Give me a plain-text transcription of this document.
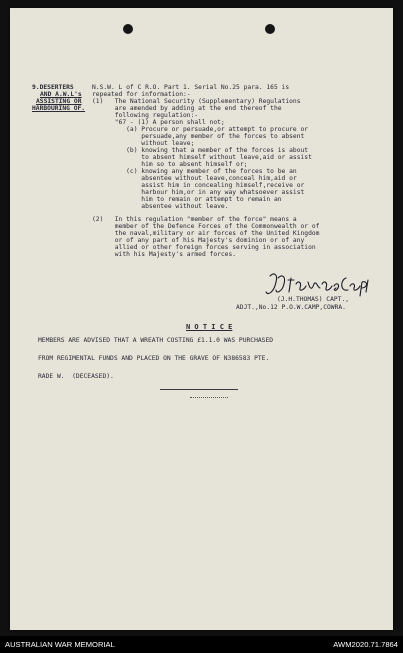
9.DESERTERS
AND A.W.L's
ASSISTING OR
HARBOURING OF.
N.S.W. L of C R.O. Part 1. Serial No.25 para. 165 is
repeated for information:-
(1)   The National Security (Supplementary) Regulations
are amended by adding at the end thereof the
following regulation:-
"67 - (1) A person shall not;
(a) Procure or persuade,or attempt to procure or
persuade,any member of the forces to absent
without leave;
(b) knowing that a member of the forces is about
to absent himself without leave,aid or assist
him so to absent himself or;
(c) knowing any member of the forces to be an
absentee without leave,conceal him,aid or
assist him in concealing himself,receive or
harbour him,or in any way whatsoever assist
him to remain or attempt to remain an
absentee without leave.
(2)   In this regulation "member of the force" means a
member of the Defence Forces of the Commonwealth or of
the naval,military or air forces of the United Kingdom
or of any part of his Majesty's dominion or of any
allied or other foreign forces serving in association
with his Majesty's armed forces.
(J.H.THOMAS) CAPT.,
ADJT.,No.12 P.O.W.CAMP,COWRA.
N O T I C E
MEMBERS ARE ADVISED THAT A WREATH COSTING £1.1.0 WAS PURCHASED
FROM REGIMENTAL FUNDS AND PLACED ON THE GRAVE OF N386583 PTE.
RADE W.  (DECEASED).
AUSTRALIAN WAR MEMORIAL	AWM2020.71.7864
